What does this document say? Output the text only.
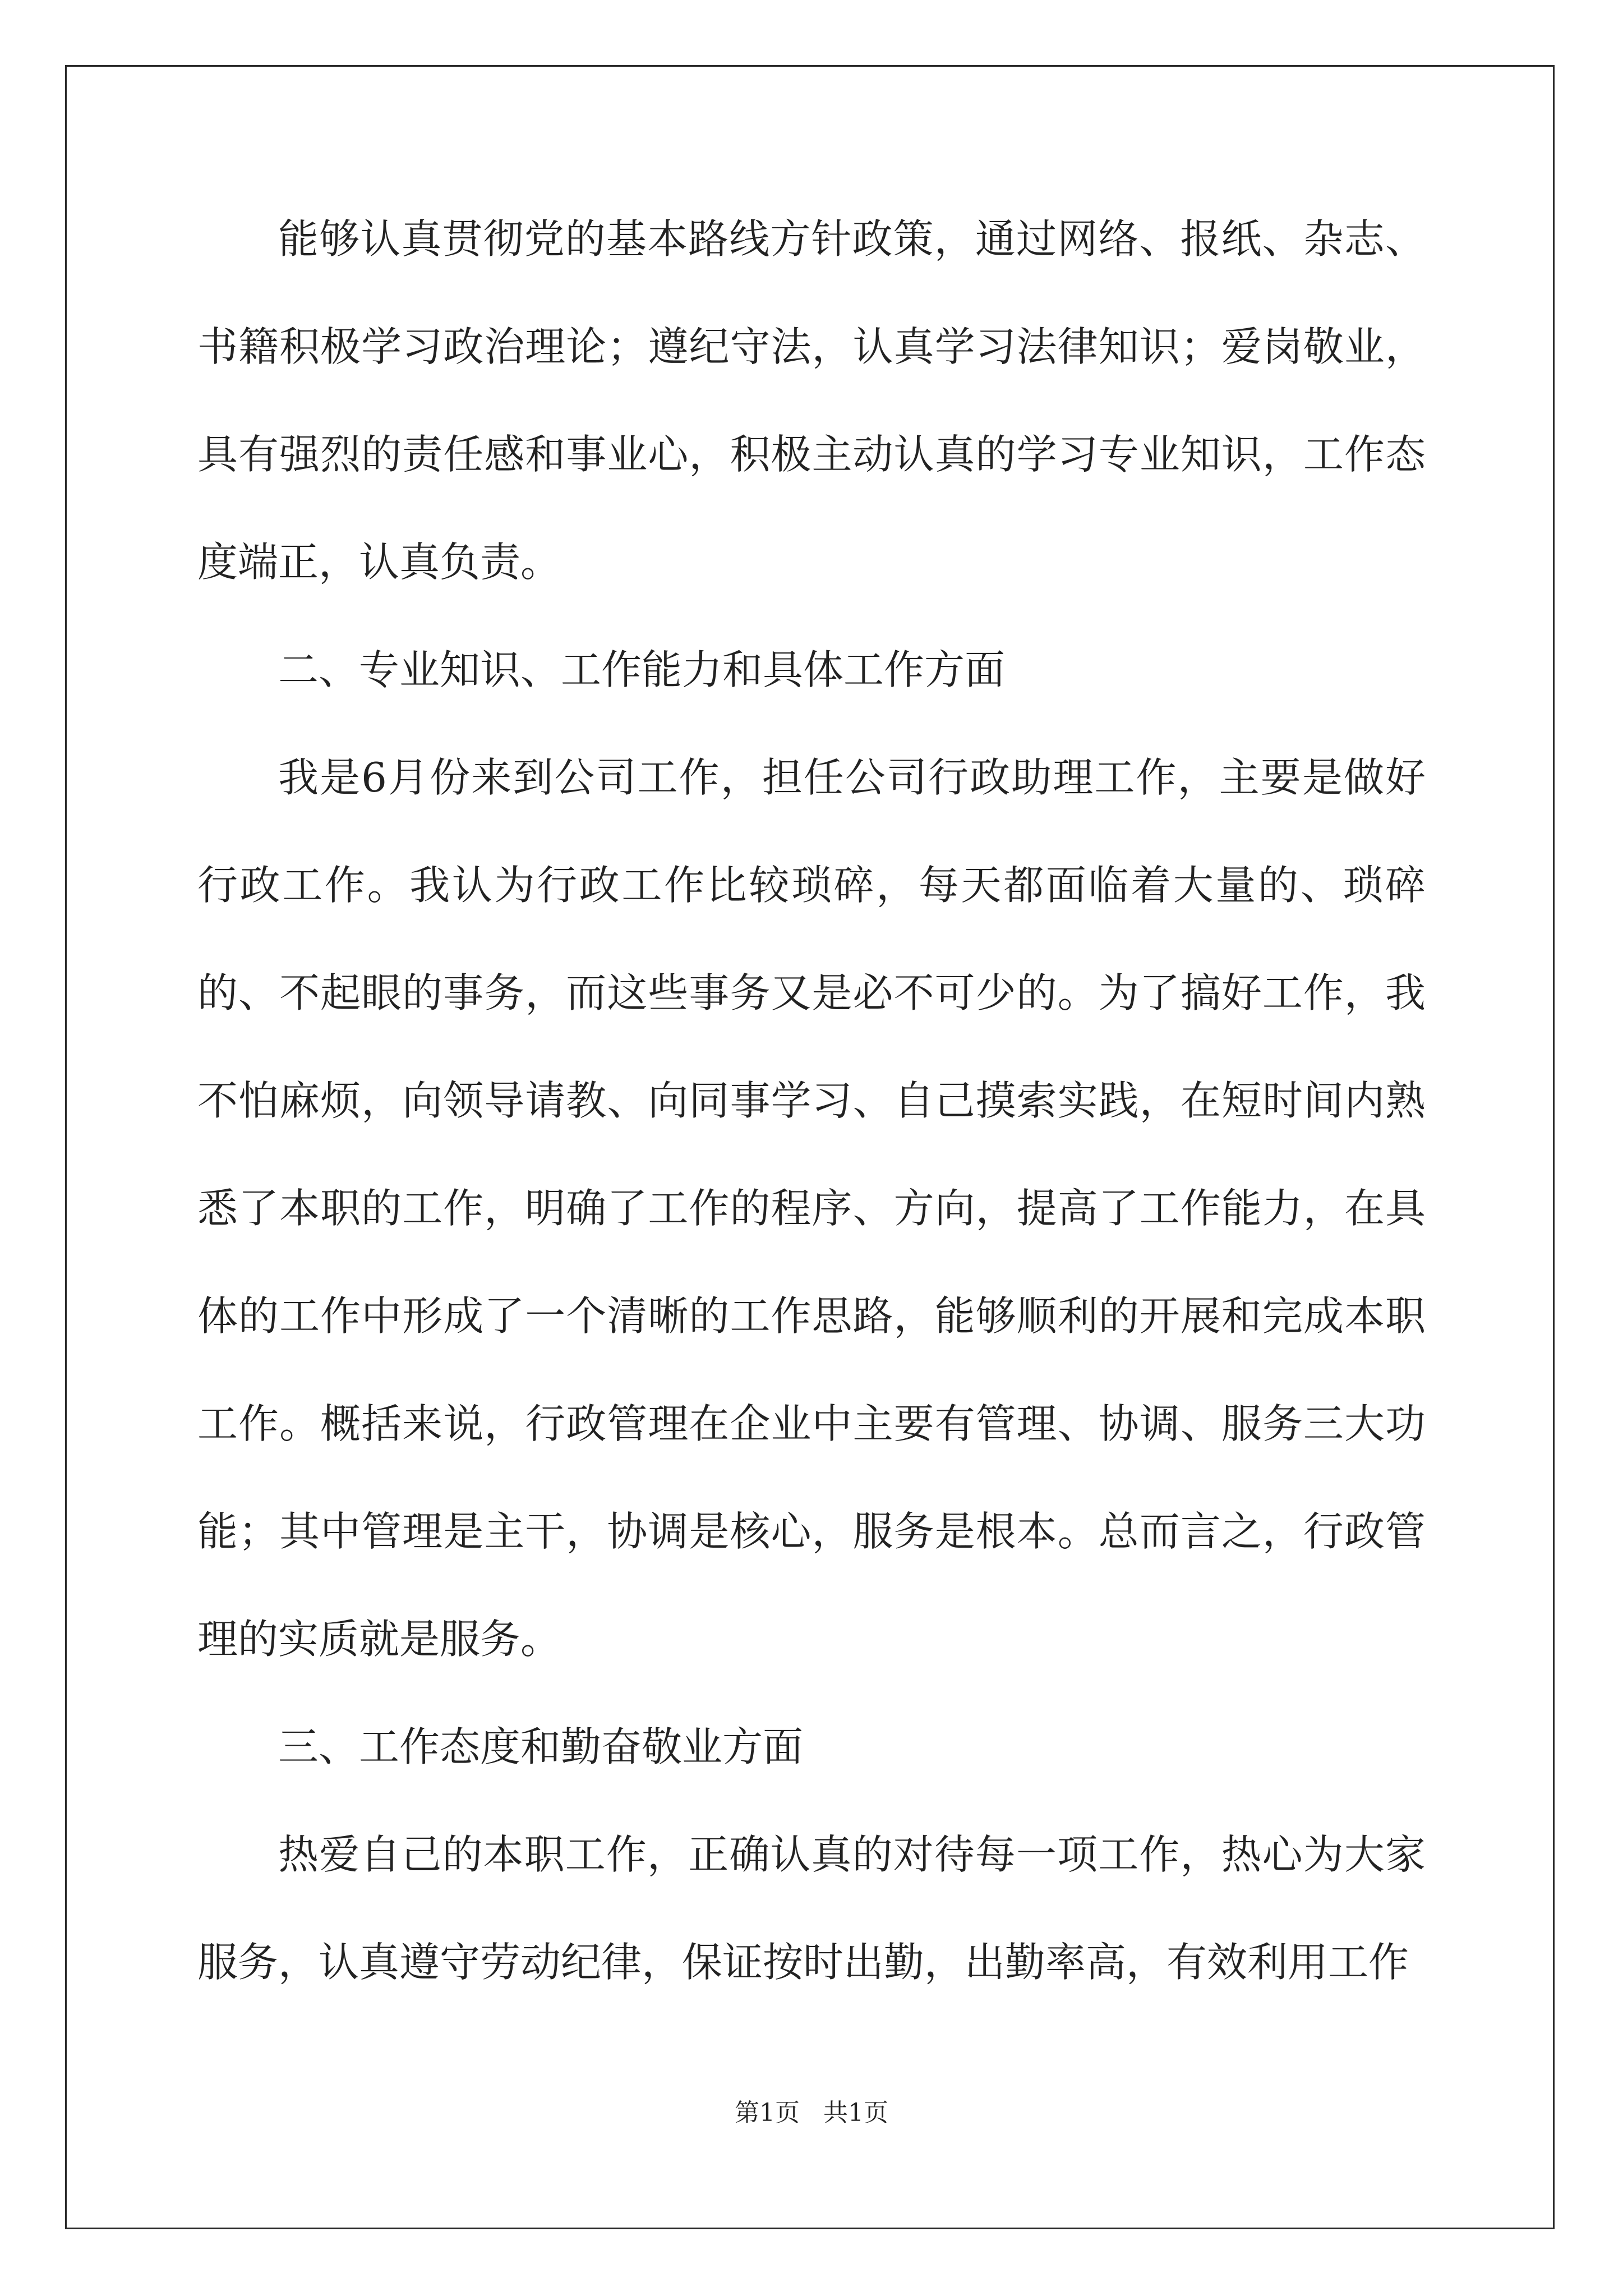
能够认真贯彻党的基本路线方针政策，通过网络、报纸、杂志、书籍积极学习政治理论；遵纪守法，认真学习法律知识；爱岗敬业，具有强烈的责任感和事业心，积极主动认真的学习专业知识，工作态度端正，认真负责。

二、专业知识、工作能力和具体工作方面

我是6月份来到公司工作，担任公司行政助理工作，主要是做好行政工作。我认为行政工作比较琐碎，每天都面临着大量的、琐碎的、不起眼的事务，而这些事务又是必不可少的。为了搞好工作，我不怕麻烦，向领导请教、向同事学习、自己摸索实践，在短时间内熟悉了本职的工作，明确了工作的程序、方向，提高了工作能力，在具体的工作中形成了一个清晰的工作思路，能够顺利的开展和完成本职工作。概括来说，行政管理在企业中主要有管理、协调、服务三大功能；其中管理是主干，协调是核心，服务是根本。总而言之，行政管理的实质就是服务。

三、工作态度和勤奋敬业方面

热爱自己的本职工作，正确认真的对待每一项工作，热心为大家服务，认真遵守劳动纪律，保证按时出勤，出勤率高，有效利用工作

第1页   共1页
